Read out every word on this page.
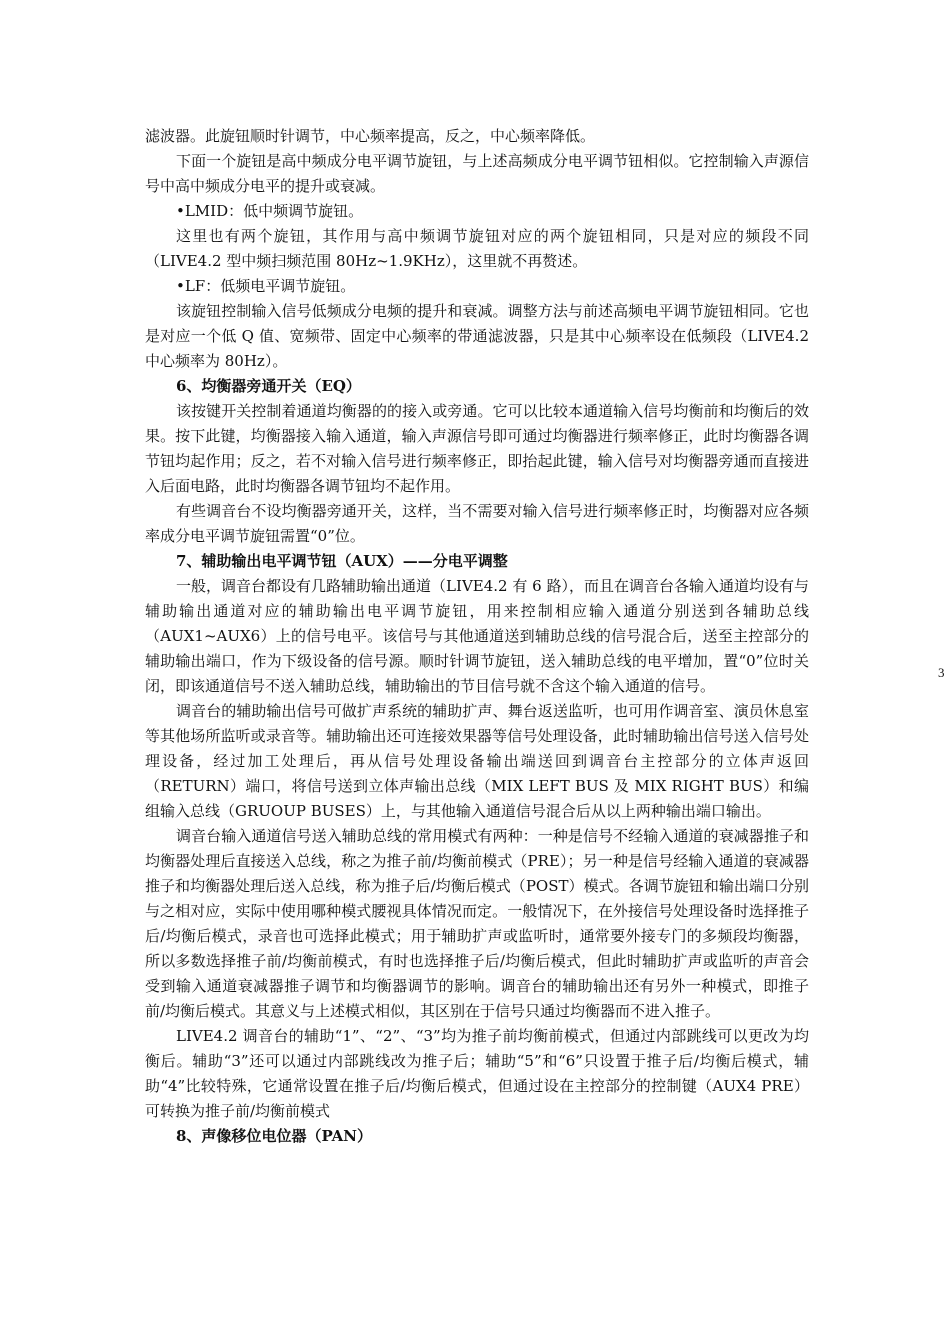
滤波器。此旋钮顺时针调节，中心频率提高，反之，中心频率降低。

下面一个旋钮是高中频成分电平调节旋钮，与上述高频成分电平调节钮相似。它控制输入声源信号中高中频成分电平的提升或衰减。

•LMID：低中频调节旋钮。

这里也有两个旋钮，其作用与高中频调节旋钮对应的两个旋钮相同，只是对应的频段不同（LIVE4.2 型中频扫频范围 80Hz~1.9KHz），这里就不再赘述。

•LF：低频电平调节旋钮。

该旋钮控制输入信号低频成分电频的提升和衰减。调整方法与前述高频电平调节旋钮相同。它也是对应一个低 Q 值、宽频带、固定中心频率的带通滤波器，只是其中心频率设在低频段（LIVE4.2 中心频率为 80Hz）。

6、均衡器旁通开关（EQ）

该按键开关控制着通道均衡器的的接入或旁通。它可以比较本通道输入信号均衡前和均衡后的效果。按下此键，均衡器接入输入通道，输入声源信号即可通过均衡器进行频率修正，此时均衡器各调节钮均起作用；反之，若不对输入信号进行频率修正，即抬起此键，输入信号对均衡器旁通而直接进入后面电路，此时均衡器各调节钮均不起作用。

有些调音台不设均衡器旁通开关，这样，当不需要对输入信号进行频率修正时，均衡器对应各频率成分电平调节旋钮需置“0”位。

7、辅助输出电平调节钮（AUX）——分电平调整

一般，调音台都设有几路辅助输出通道（LIVE4.2 有 6 路），而且在调音台各输入通道均设有与辅助输出通道对应的辅助输出电平调节旋钮，用来控制相应输入通道分别送到各辅助总线（AUX1~AUX6）上的信号电平。该信号与其他通道送到辅助总线的信号混合后，送至主控部分的辅助输出端口，作为下级设备的信号源。顺时针调节旋钮，送入辅助总线的电平增加，置“0”位时关闭，即该通道信号不送入辅助总线，辅助输出的节目信号就不含这个输入通道的信号。

调音台的辅助输出信号可做扩声系统的辅助扩声、舞台返送监听，也可用作调音室、演员休息室等其他场所监听或录音等。辅助输出还可连接效果器等信号处理设备，此时辅助输出信号送入信号处理设备，经过加工处理后，再从信号处理设备输出端送回到调音台主控部分的立体声返回（RETURN）端口，将信号送到立体声输出总线（MIX LEFT BUS 及 MIX RIGHT BUS）和编组输入总线（GRUOUP BUSES）上，与其他输入通道信号混合后从以上两种输出端口输出。

调音台输入通道信号送入辅助总线的常用模式有两种：一种是信号不经输入通道的衰减器推子和均衡器处理后直接送入总线，称之为推子前/均衡前模式（PRE）；另一种是信号经输入通道的衰减器推子和均衡器处理后送入总线，称为推子后/均衡后模式（POST）模式。各调节旋钮和输出端口分别与之相对应，实际中使用哪种模式腰视具体情况而定。一般情况下，在外接信号处理设备时选择推子后/均衡后模式，录音也可选择此模式；用于辅助扩声或监听时，通常要外接专门的多频段均衡器，所以多数选择推子前/均衡前模式，有时也选择推子后/均衡后模式，但此时辅助扩声或监听的声音会受到输入通道衰减器推子调节和均衡器调节的影响。调音台的辅助输出还有另外一种模式，即推子前/均衡后模式。其意义与上述模式相似，其区别在于信号只通过均衡器而不进入推子。

LIVE4.2 调音台的辅助“1”、“2”、“3”均为推子前均衡前模式，但通过内部跳线可以更改为均衡后。辅助“3”还可以通过内部跳线改为推子后；辅助“5”和“6”只设置于推子后/均衡后模式，辅助“4”比较特殊，它通常设置在推子后/均衡后模式，但通过设在主控部分的控制键（AUX4 PRE）可转换为推子前/均衡前模式

8、声像移位电位器（PAN）

3
